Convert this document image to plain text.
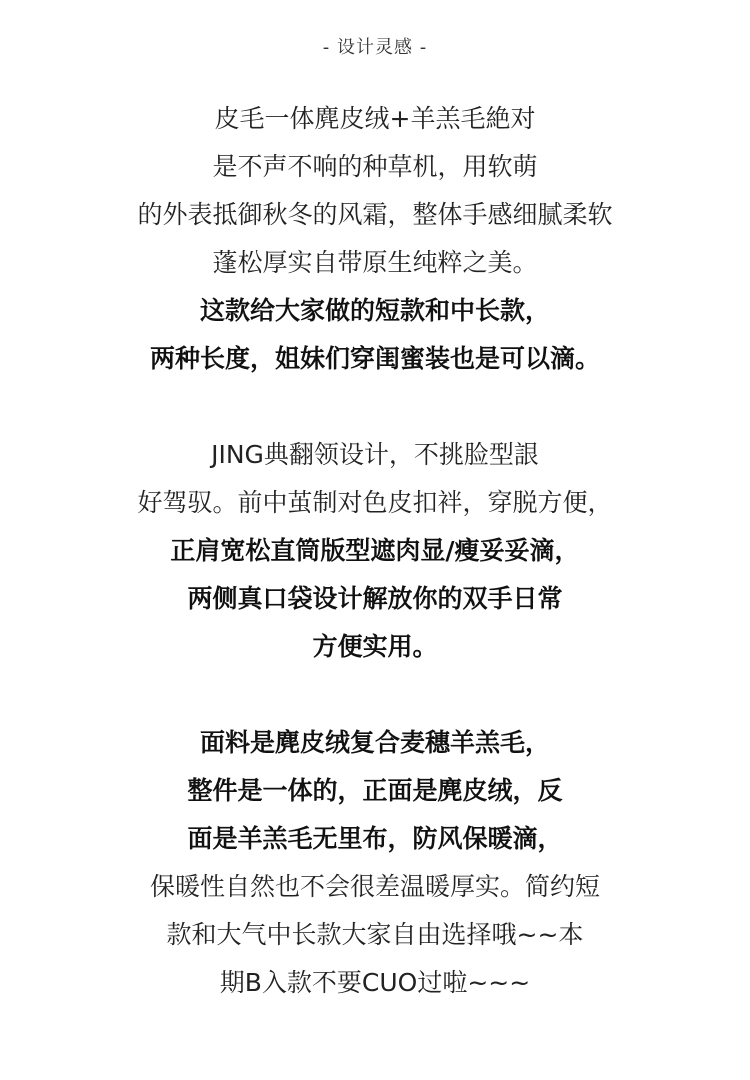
- 设计灵感 -
皮毛一体麂皮绒+羊羔毛絶对
是不声不响的种草机，用软萌
的外表抵御秋冬的风霜，整体手感细腻柔软
蓬松厚实自带原生纯粹之美。
这款给大家做的短款和中长款，
两种长度，姐妹们穿闺蜜装也是可以滴。
JING典翻领设计，不挑脸型詪
好驾驭。前中茧制对色皮扣袢，穿脱方便，
正肩宽松直筒版型遮肉显/瘦妥妥滴，
两侧真口袋设计解放你的双手日常
方便实用。
面料是麂皮绒复合麦穗羊羔毛，
整件是一体的，正面是麂皮绒，反
面是羊羔毛无里布，防风保暖滴，
保暖性自然也不会很差温暖厚实。简约短
款和大气中长款大家自由选择哦~~本
期B入款不要CUO过啦~~~
